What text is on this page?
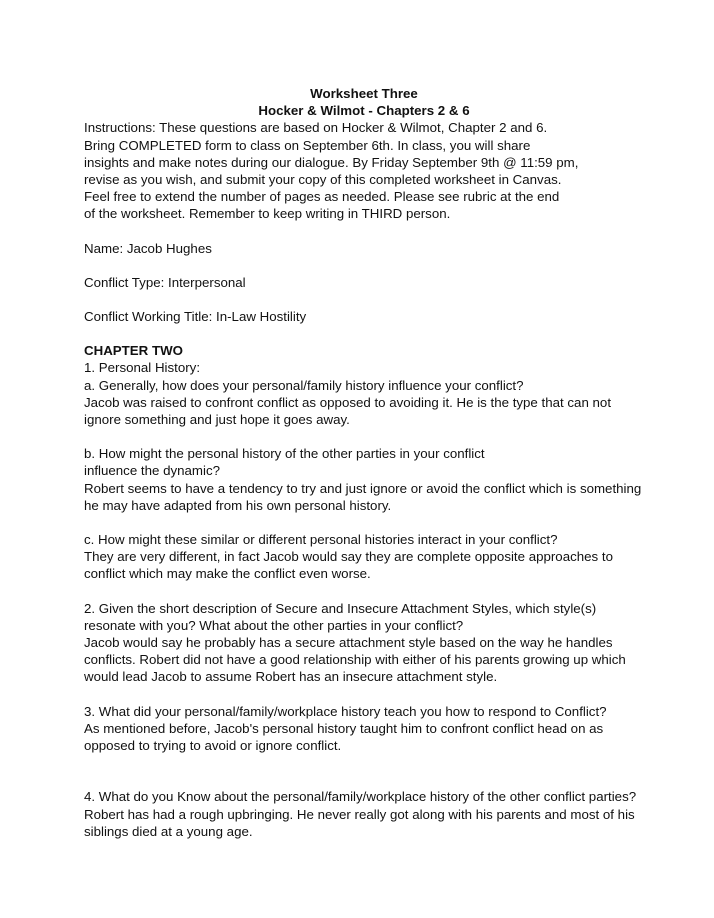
Worksheet Three

Hocker & Wilmot - Chapters 2 & 6

Instructions: These questions are based on Hocker & Wilmot, Chapter 2 and 6.

Bring COMPLETED form to class on September 6th. In class, you will share

insights and make notes during our dialogue. By Friday September 9th @ 11:59 pm,

revise as you wish, and submit your copy of this completed worksheet in Canvas.

Feel free to extend the number of pages as needed. Please see rubric at the end

of the worksheet. Remember to keep writing in THIRD person.

Name: Jacob Hughes

Conflict Type: Interpersonal

Conflict Working Title: In-Law Hostility

CHAPTER TWO

1. Personal History:

a. Generally, how does your personal/family history influence your conflict?

Jacob was raised to confront conflict as opposed to avoiding it. He is the type that can not

ignore something and just hope it goes away.

b. How might the personal history of the other parties in your conflict

influence the dynamic?

Robert seems to have a tendency to try and just ignore or avoid the conflict which is something

he may have adapted from his own personal history.

c. How might these similar or different personal histories interact in your conflict?

They are very different, in fact Jacob would say they are complete opposite approaches to

conflict which may make the conflict even worse.

2. Given the short description of Secure and Insecure Attachment Styles, which style(s)

resonate with you? What about the other parties in your conflict?

Jacob would say he probably has a secure attachment style based on the way he handles

conflicts. Robert did not have a good relationship with either of his parents growing up which

would lead Jacob to assume Robert has an insecure attachment style.

3. What did your personal/family/workplace history teach you how to respond to Conflict?

As mentioned before, Jacob's personal history taught him to confront conflict head on as

opposed to trying to avoid or ignore conflict.

4. What do you Know about the personal/family/workplace history of the other conflict parties?

Robert has had a rough upbringing. He never really got along with his parents and most of his

siblings died at a young age.
